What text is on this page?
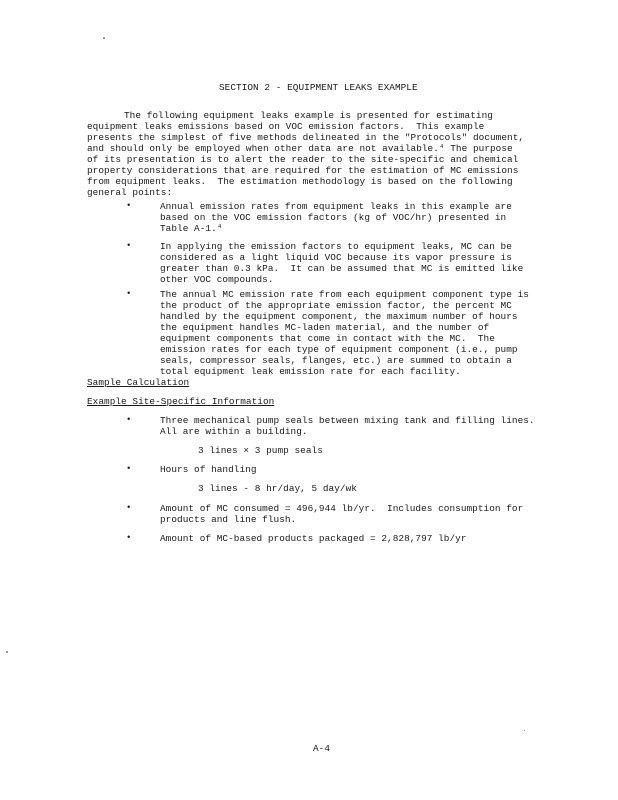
SECTION 2 - EQUIPMENT LEAKS EXAMPLE
The following equipment leaks example is presented for estimating
equipment leaks emissions based on VOC emission factors.  This example
presents the simplest of five methods delineated in the "Protocols" document,
and should only be employed when other data are not available.⁴ The purpose
of its presentation is to alert the reader to the site-specific and chemical
property considerations that are required for the estimation of MC emissions
from equipment leaks.  The estimation methodology is based on the following
general points:
•	Annual emission rates from equipment leaks in this example are
based on the VOC emission factors (kg of VOC/hr) presented in
Table A-1.⁴
•	In applying the emission factors to equipment leaks, MC can be
considered as a light liquid VOC because its vapor pressure is
greater than 0.3 kPa.  It can be assumed that MC is emitted like
other VOC compounds.
•	The annual MC emission rate from each equipment component type is
the product of the appropriate emission factor, the percent MC
handled by the equipment component, the maximum number of hours
the equipment handles MC-laden material, and the number of
equipment components that come in contact with the MC.  The
emission rates for each type of equipment component (i.e., pump
seals, compressor seals, flanges, etc.) are summed to obtain a
total equipment leak emission rate for each facility.
Sample Calculation
Example Site-Specific Information
•	Three mechanical pump seals between mixing tank and filling lines.
All are within a building.
3 lines × 3 pump seals
•	Hours of handling
3 lines - 8 hr/day, 5 day/wk
•	Amount of MC consumed = 496,944 lb/yr.  Includes consumption for
products and line flush.
•	Amount of MC-based products packaged = 2,828,797 lb/yr
A-4
